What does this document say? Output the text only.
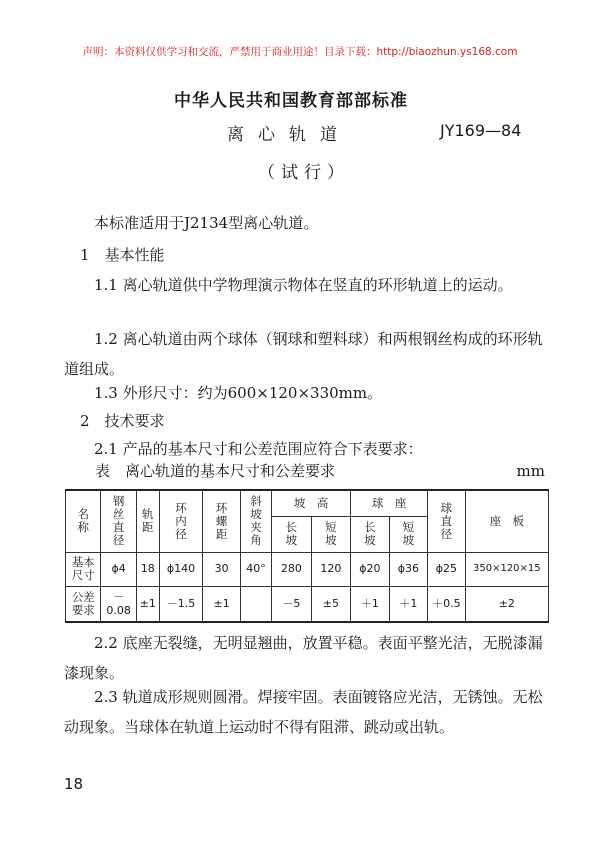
声明：本资料仅供学习和交流，严禁用于商业用途！目录下载：http://biaozhun.ys168.com
中华人民共和国教育部部标准
离心轨道	JY169—84
（试行）
本标准适用于J2134型离心轨道。
1　基本性能
1.1 离心轨道供中学物理演示物体在竖直的环形轨道上的运动。
1.2 离心轨道由两个球体（钢球和塑料球）和两根钢丝构成的环形轨道组成。
1.3 外形尺寸：约为600×120×330mm。
2　技术要求
2.1 产品的基本尺寸和公差范围应符合下表要求：
表　离心轨道的基本尺寸和公差要求	mm
名称	钢丝直径	轨距	环内径	环螺距	斜坡夹角	坡　高		球　座		球直径	座　板
						长坡	短坡	长坡	短坡		
基本尺寸	ϕ4	18	ϕ140	30	40°	280	120	ϕ20	ϕ36	ϕ25	350×120×15
公差要求	－0.08	±1	－1.5	±1		－5	±5	＋1	＋1	＋0.5	±2
2.2 底座无裂缝，无明显翘曲，放置平稳。表面平整光洁，无脱漆漏漆现象。
2.3 轨道成形规则圆滑。焊接牢固。表面镀铬应光洁，无锈蚀。无松动现象。当球体在轨道上运动时不得有阻滞、跳动或出轨。
18
